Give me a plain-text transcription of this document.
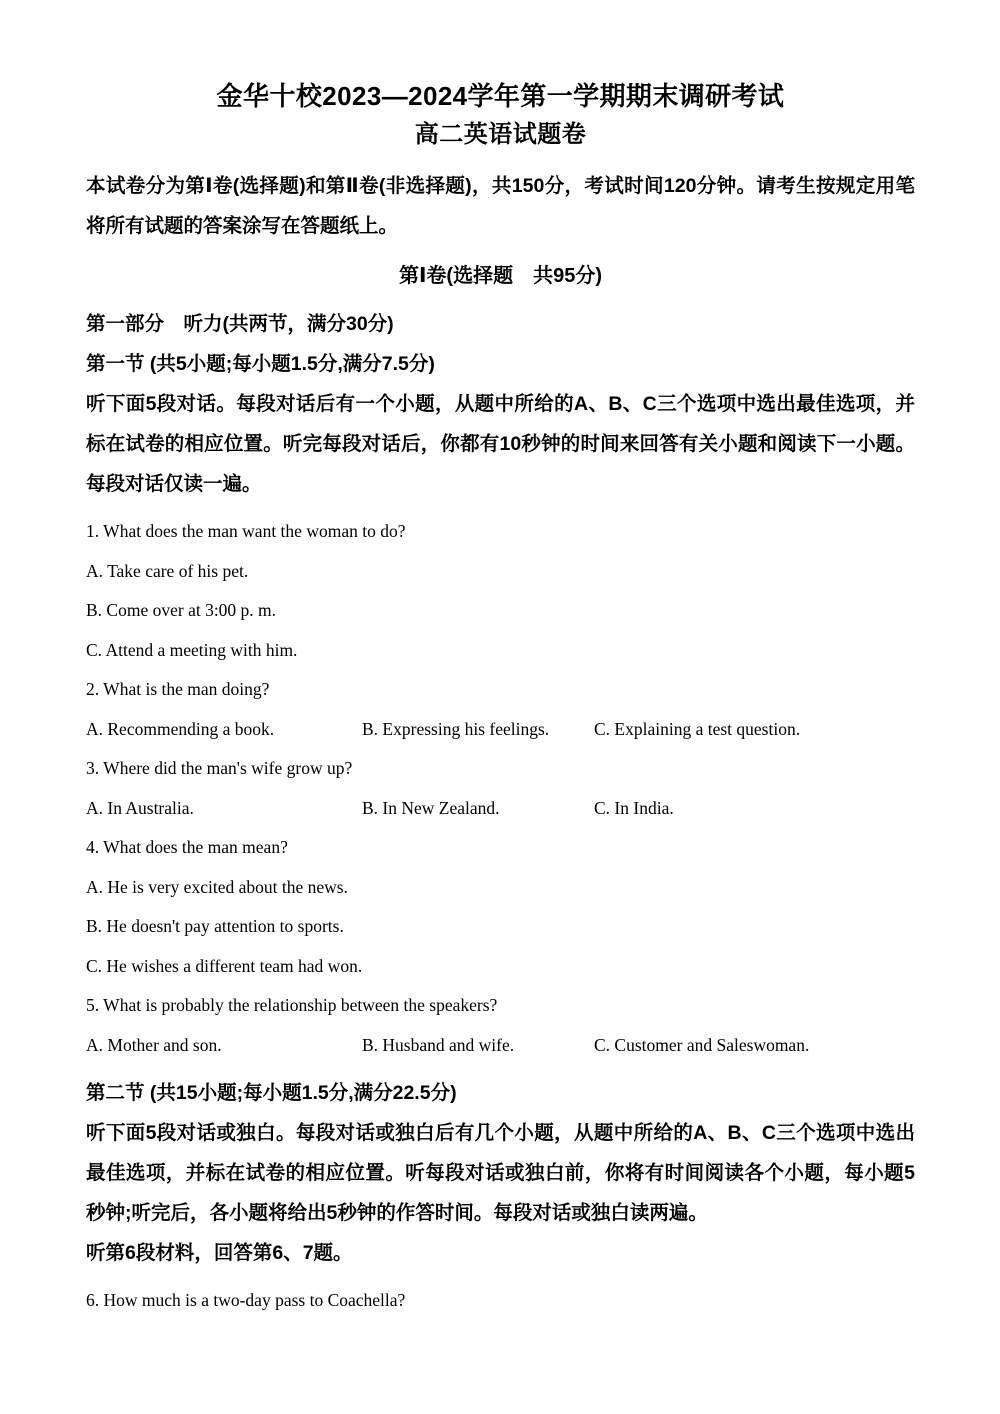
金华十校2023—2024学年第一学期期末调研考试
高二英语试题卷
本试卷分为第Ⅰ卷(选择题)和第Ⅱ卷(非选择题)，共150分，考试时间120分钟。请考生按规定用笔将所有试题的答案涂写在答题纸上。
第Ⅰ卷(选择题　共95分)
第一部分　听力(共两节，满分30分)
第一节 (共5小题;每小题1.5分,满分7.5分)
听下面5段对话。每段对话后有一个小题，从题中所给的A、B、C三个选项中选出最佳选项，并标在试卷的相应位置。听完每段对话后，你都有10秒钟的时间来回答有关小题和阅读下一小题。 每段对话仅读一遍。
1. What does the man want the woman to do?
A. Take care of his pet.
B. Come over at 3:00 p. m.
C. Attend a meeting with him.
2. What is the man doing?
A. Recommending a book.	B. Expressing his feelings.	C. Explaining a test question.
3. Where did the man's wife grow up?
A. In Australia.	B. In New Zealand.	C. In India.
4. What does the man mean?
A. He is very excited about the news.
B. He doesn't pay attention to sports.
C. He wishes a different team had won.
5. What is probably the relationship between the speakers?
A. Mother and son.	B. Husband and wife.	C. Customer and Saleswoman.
第二节 (共15小题;每小题1.5分,满分22.5分)
听下面5段对话或独白。每段对话或独白后有几个小题，从题中所给的A、B、C三个选项中选出最佳选项，并标在试卷的相应位置。听每段对话或独白前，你将有时间阅读各个小题，每小题5秒钟;听完后，各小题将给出5秒钟的作答时间。每段对话或独白读两遍。
听第6段材料，回答第6、7题。
6. How much is a two-day pass to Coachella?
